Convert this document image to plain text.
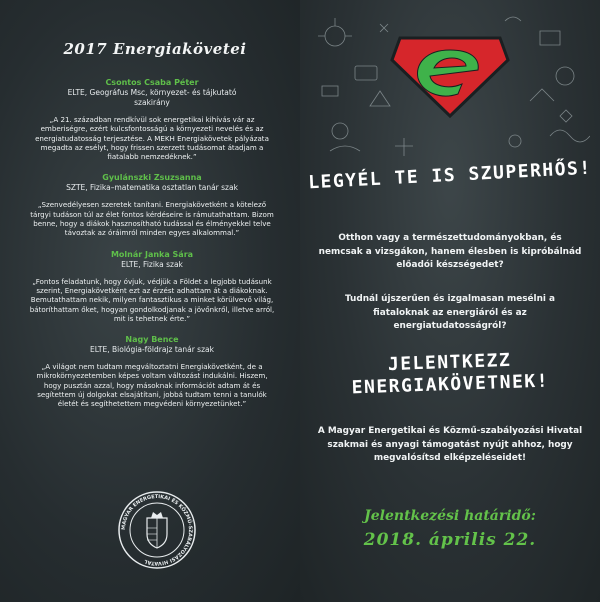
2017 Energiakövetei
Csontos Csaba Péter
ELTE, Geográfus Msc, környezet- és tájkutató szakirány

„A 21. században rendkívül sok energetikai kihívás vár az emberiségre, ezért kulcsfontosságú a környezeti nevelés és az energiatudatosság terjesztése. A MEKH Energiakövetek pályázata megadta az esélyt, hogy frissen szerzett tudásomat átadjam a fiatalabb nemzedéknek.”

Gyulánszki Zsuzsanna
SZTE, Fizika–matematika osztatlan tanár szak

„Szenvedélyesen szeretek tanítani. Energiakövetként a kötelező tárgyi tudáson túl az élet fontos kérdéseire is rámutathattam. Bizom benne, hogy a diákok hasznosítható tudással és élményekkel telve távoztak az óráimról minden egyes alkalommal.”

Molnár Janka Sára
ELTE, Fizika szak

„Fontos feladatunk, hogy óvjuk, védjük a Földet a legjobb tudásunk szerint, Energiakövetként ezt az érzést adhattam át a diákoknak. Bemutathattam nekik, milyen fantasztikus a minket körülvevő világ, bátoríthattam őket, hogyan gondolkodjanak a jövőnkről, illetve arról, mit is tehetnek érte.”

Nagy Bence
ELTE, Biológia-földrajz tanár szak

„A világot nem tudtam megváltoztatni Energiakövetként, de a mikrokörnyezetemben képes voltam változást indukálni. Hiszem, hogy pusztán azzal, hogy másoknak információt adtam át és segítettem új dolgokat elsajátítani, jobbá tudtam tenni a tanulók életét és segíthetettem megvédeni környezetünket.”

MAGYAR ENERGETIKAI ÉS KÖZMŰ-SZABÁLYOZÁSI HIVATAL
LEGYÉL TE IS SZUPERHŐS!

Otthon vagy a természettudományokban, és nemcsak a vizsgákon, hanem élesben is kipróbálnád előadói készségedet?

Tudnál újszerűen és izgalmasan mesélni a fiataloknak az energiáról és az energiatudatosságról?

JELENTKEZZ ENERGIAKÖVETNEK!

A Magyar Energetikai és Közmű-szabályozási Hivatal szakmai és anyagi támogatást nyújt ahhoz, hogy megvalósítsd elképzeléseidet!

Jelentkezési határidő:
2018. április 22.
